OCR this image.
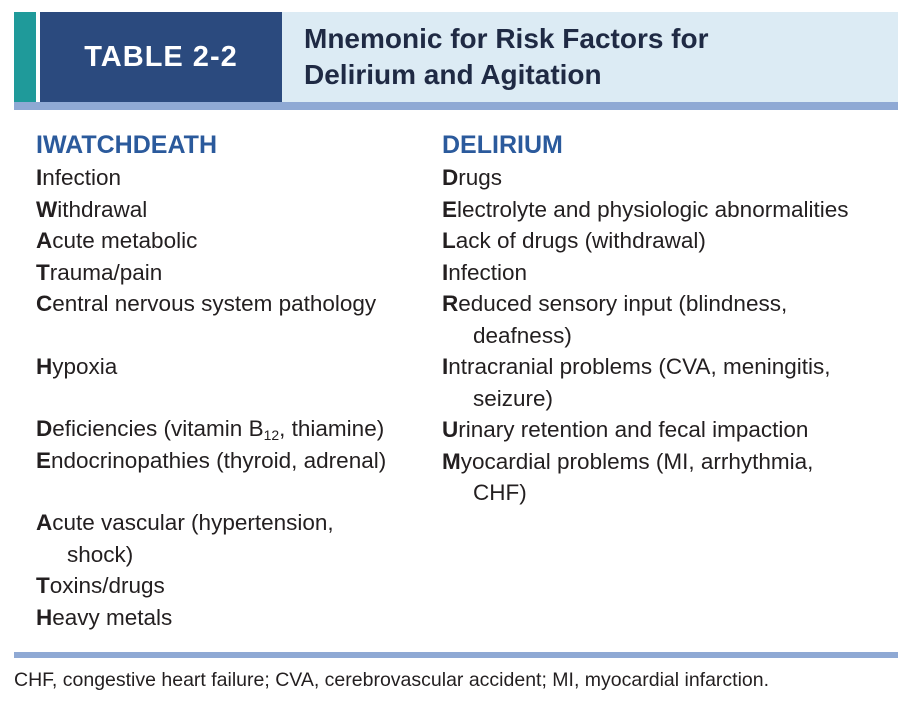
TABLE 2-2
Mnemonic for Risk Factors for
Delirium and Agitation
IWATCHDEATH
Infection
Withdrawal
Acute metabolic
Trauma/pain
Central nervous system pathology
Hypoxia
Deficiencies (vitamin $B_{12}$, thiamine)
Endocrinopathies (thyroid, adrenal)
Acute vascular (hypertension,
shock)
Toxins/drugs
Heavy metals
DELIRIUM
Drugs
Electrolyte and physiologic abnormalities
Lack of drugs (withdrawal)
Infection
Reduced sensory input (blindness,
deafness)
Intracranial problems (CVA, meningitis,
seizure)
Urinary retention and fecal impaction
Myocardial problems (MI, arrhythmia,
CHF)
CHF, congestive heart failure; CVA, cerebrovascular accident; MI, myocardial infarction.
